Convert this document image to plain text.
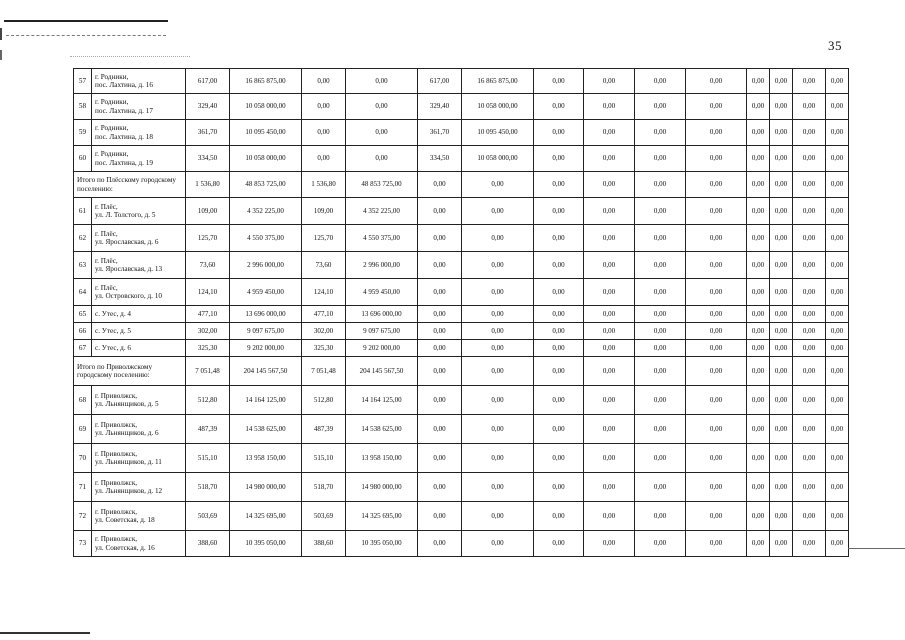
35
57	г. Родники,
пос. Лахтина, д. 16	617,00	16 865 875,00	0,00	0,00	617,00	16 865 875,00	0,00	0,00	0,00	0,00	0,00	0,00	0,00	0,00
58	г. Родники,
пос. Лахтина, д. 17	329,40	10 058 000,00	0,00	0,00	329,40	10 058 000,00	0,00	0,00	0,00	0,00	0,00	0,00	0,00	0,00
59	г. Родники,
пос. Лахтина, д. 18	361,70	10 095 450,00	0,00	0,00	361,70	10 095 450,00	0,00	0,00	0,00	0,00	0,00	0,00	0,00	0,00
60	г. Родники,
пос. Лахтина, д. 19	334,50	10 058 000,00	0,00	0,00	334,50	10 058 000,00	0,00	0,00	0,00	0,00	0,00	0,00	0,00	0,00
Итого по Плёсскому городскому поселению:		1 536,80	48 853 725,00	1 536,80	48 853 725,00	0,00	0,00	0,00	0,00	0,00	0,00	0,00	0,00	0,00	0,00
61	г. Плёс,
ул. Л. Толстого, д. 5	109,00	4 352 225,00	109,00	4 352 225,00	0,00	0,00	0,00	0,00	0,00	0,00	0,00	0,00	0,00	0,00
62	г. Плёс,
ул. Ярославская, д. 6	125,70	4 550 375,00	125,70	4 550 375,00	0,00	0,00	0,00	0,00	0,00	0,00	0,00	0,00	0,00	0,00
63	г. Плёс,
ул. Ярославская, д. 13	73,60	2 996 000,00	73,60	2 996 000,00	0,00	0,00	0,00	0,00	0,00	0,00	0,00	0,00	0,00	0,00
64	г. Плёс,
ул. Островского, д. 10	124,10	4 959 450,00	124,10	4 959 450,00	0,00	0,00	0,00	0,00	0,00	0,00	0,00	0,00	0,00	0,00
65	с. Утес, д. 4	477,10	13 696 000,00	477,10	13 696 000,00	0,00	0,00	0,00	0,00	0,00	0,00	0,00	0,00	0,00	0,00
66	с. Утес, д. 5	302,00	9 097 675,00	302,00	9 097 675,00	0,00	0,00	0,00	0,00	0,00	0,00	0,00	0,00	0,00	0,00
67	с. Утес, д. 6	325,30	9 202 000,00	325,30	9 202 000,00	0,00	0,00	0,00	0,00	0,00	0,00	0,00	0,00	0,00	0,00
Итого по Приволжскому городскому поселению:		7 051,48	204 145 567,50	7 051,48	204 145 567,50	0,00	0,00	0,00	0,00	0,00	0,00	0,00	0,00	0,00	0,00
68	г. Приволжск,
ул. Льнянщиков, д. 5	512,80	14 164 125,00	512,80	14 164 125,00	0,00	0,00	0,00	0,00	0,00	0,00	0,00	0,00	0,00	0,00
69	г. Приволжск,
ул. Льнянщиков, д. 6	487,39	14 538 625,00	487,39	14 538 625,00	0,00	0,00	0,00	0,00	0,00	0,00	0,00	0,00	0,00	0,00
70	г. Приволжск,
ул. Льнянщиков, д. 11	515,10	13 958 150,00	515,10	13 958 150,00	0,00	0,00	0,00	0,00	0,00	0,00	0,00	0,00	0,00	0,00
71	г. Приволжск,
ул. Льнянщиков, д. 12	518,70	14 980 000,00	518,70	14 980 000,00	0,00	0,00	0,00	0,00	0,00	0,00	0,00	0,00	0,00	0,00
72	г. Приволжск,
ул. Советская, д. 18	503,69	14 325 695,00	503,69	14 325 695,00	0,00	0,00	0,00	0,00	0,00	0,00	0,00	0,00	0,00	0,00
73	г. Приволжск,
ул. Советская, д. 16	388,60	10 395 050,00	388,60	10 395 050,00	0,00	0,00	0,00	0,00	0,00	0,00	0,00	0,00	0,00	0,00
